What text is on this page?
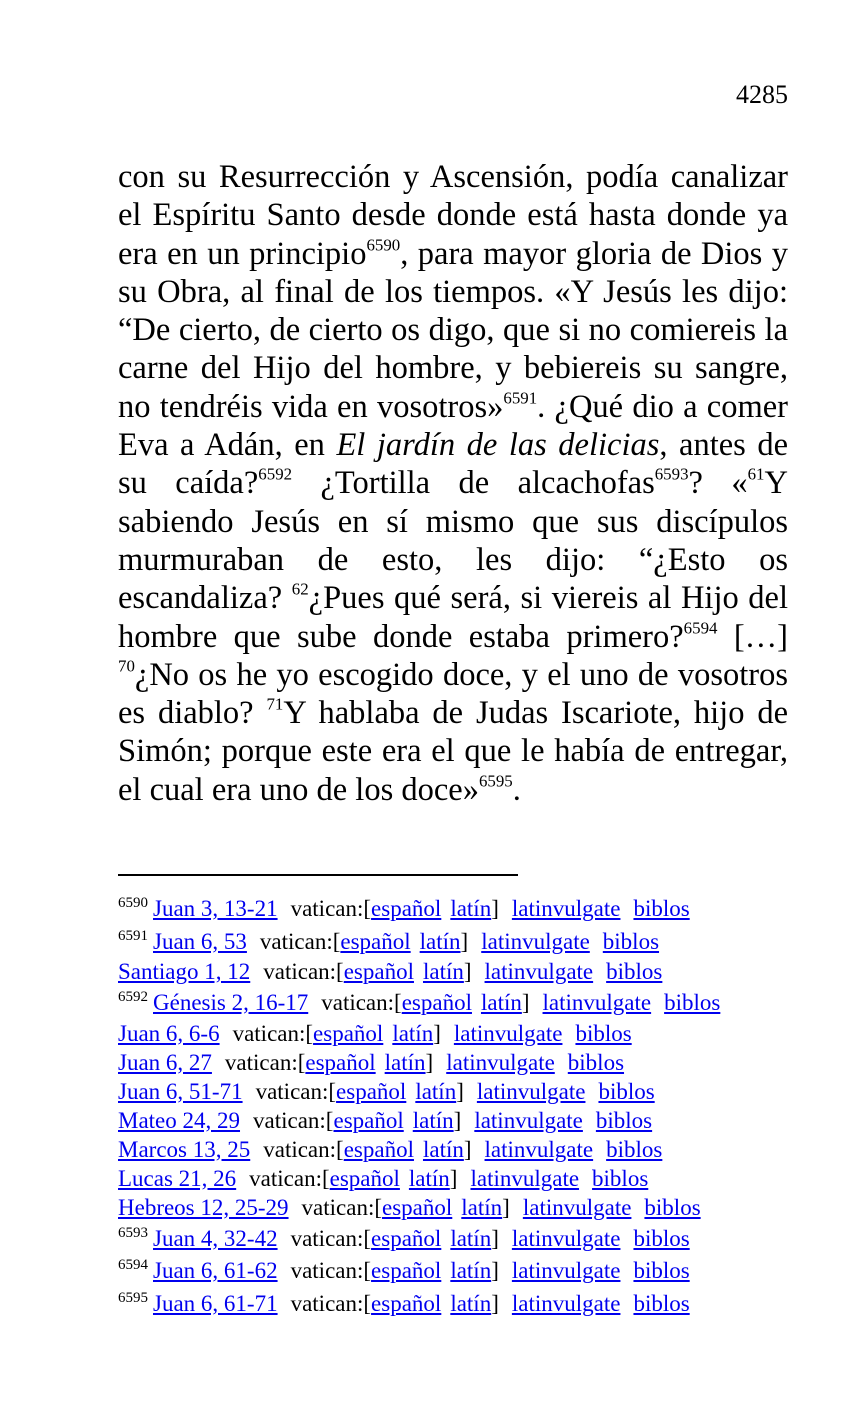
4285

con su Resurrección y Ascensión, podía canalizar el Espíritu Santo desde donde está hasta donde ya era en un principio$^{6590}$, para mayor gloria de Dios y su Obra, al final de los tiempos. «Y Jesús les dijo: “De cierto, de cierto os digo, que si no comiereis la carne del Hijo del hombre, y bebiereis su sangre, no tendréis vida en vosotros»$^{6591}$. ¿Qué dio a comer Eva a Adán, en El jardín de las delicias, antes de su caída?$^{6592}$ ¿Tortilla de alcachofas$^{6593}$? «$^{61}$Y sabiendo Jesús en sí mismo que sus discípulos murmuraban de esto, les dijo: “¿Esto os escandaliza? $^{62}$¿Pues qué será, si viereis al Hijo del hombre que sube donde estaba primero?$^{6594}$ […] $^{70}$¿No os he yo escogido doce, y el uno de vosotros es diablo? $^{71}$Y hablaba de Judas Iscariote, hijo de Simón; porque este era el que le había de entregar, el cual era uno de los doce»$^{6595}$.

$^{6590}$ Juan 3, 13-21 vatican:[español latín] latinvulgate biblos
$^{6591}$ Juan 6, 53 vatican:[español latín] latinvulgate biblos
Santiago 1, 12 vatican:[español latín] latinvulgate biblos
$^{6592}$ Génesis 2, 16-17 vatican:[español latín] latinvulgate biblos
Juan 6, 6-6 vatican:[español latín] latinvulgate biblos
Juan 6, 27 vatican:[español latín] latinvulgate biblos
Juan 6, 51-71 vatican:[español latín] latinvulgate biblos
Mateo 24, 29 vatican:[español latín] latinvulgate biblos
Marcos 13, 25 vatican:[español latín] latinvulgate biblos
Lucas 21, 26 vatican:[español latín] latinvulgate biblos
Hebreos 12, 25-29 vatican:[español latín] latinvulgate biblos
$^{6593}$ Juan 4, 32-42 vatican:[español latín] latinvulgate biblos
$^{6594}$ Juan 6, 61-62 vatican:[español latín] latinvulgate biblos
$^{6595}$ Juan 6, 61-71 vatican:[español latín] latinvulgate biblos
